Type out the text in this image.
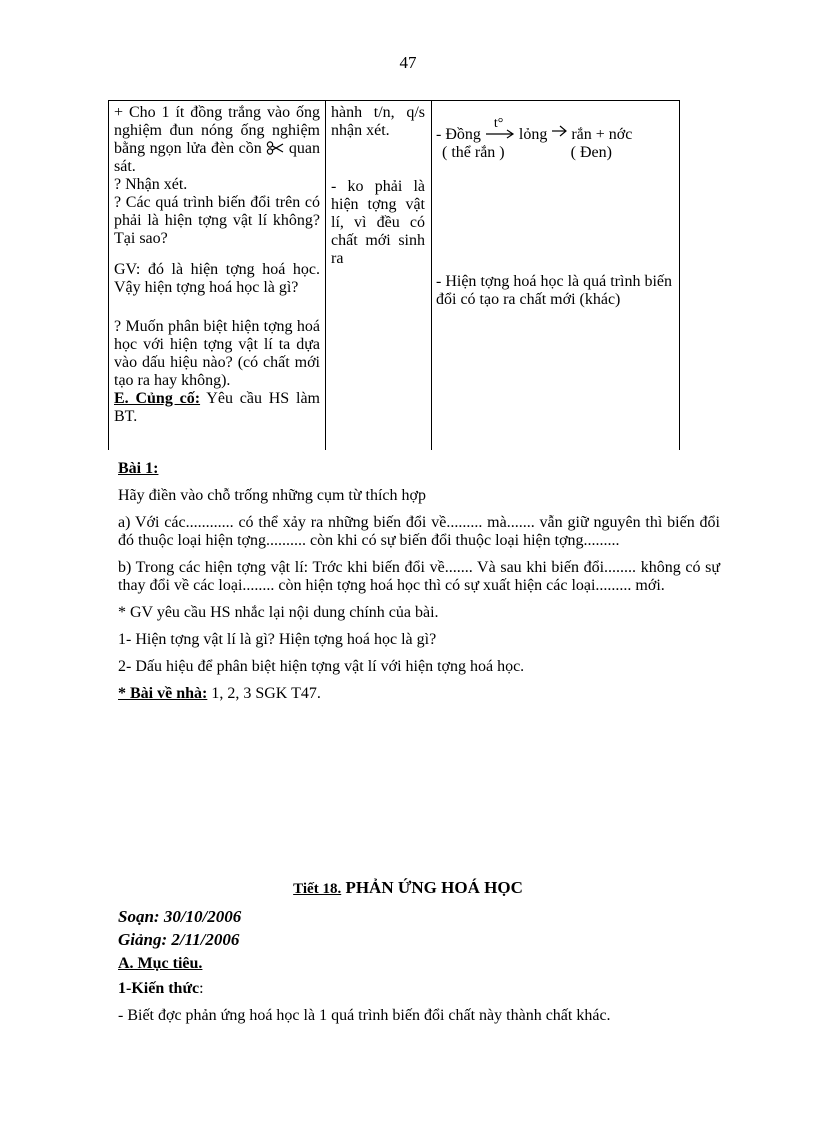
47

+ Cho 1 ít đồng trắng vào ống nghiệm đun nóng ống nghiệm bằng ngọn lửa đèn cồn quan sát.

? Nhận xét.

? Các quá trình biến đổi trên có phải là hiện tợng vật lí không? Tại sao?

GV: đó là hiện tợng hoá học. Vậy hiện tợng hoá học là gì?

? Muốn phân biệt hiện tợng hoá học với hiện tợng vật lí ta dựa vào dấu hiệu nào? (có chất mới tạo ra hay không).

E. Củng cố: Yêu cầu HS làm BT.

hành t/n, q/s nhận xét.

- ko phải là hiện tợng vật lí, vì đều có chất mới sinh ra

- Đồng
t°
lỏng rắn + nớc
( thể rắn )	( Đen)

- Hiện tợng hoá học là quá trình biến đổi có tạo ra chất mới (khác)

Bài 1:

Hãy điền vào chỗ trống những cụm từ thích hợp

a) Với các............ có thể xảy ra những biến đổi về......... mà....... vẫn giữ nguyên thì biến đổi đó thuộc loại hiện tợng.......... còn khi có sự biến đổi thuộc loại hiện tợng.........

b) Trong các hiện tợng vật lí: Trớc khi biến đổi về....... Và sau khi biến đổi........ không có sự thay đổi về các loại........ còn hiện tợng hoá học thì có sự xuất hiện các loại......... mới.

* GV yêu cầu HS nhắc lại nội dung chính của bài.

1- Hiện tợng vật lí là gì? Hiện tợng hoá học là gì?

2- Dấu hiệu để phân biệt hiện tợng vật lí với hiện tợng hoá học.

* Bài về nhà: 1, 2, 3 SGK T47.

Tiết 18. PHẢN ỨNG HOÁ HỌC

Soạn: 30/10/2006

Giảng: 2/11/2006

A. Mục tiêu.

1-Kiến thức:

- Biết đợc phản ứng hoá học là 1 quá trình biến đổi chất này thành chất khác.
